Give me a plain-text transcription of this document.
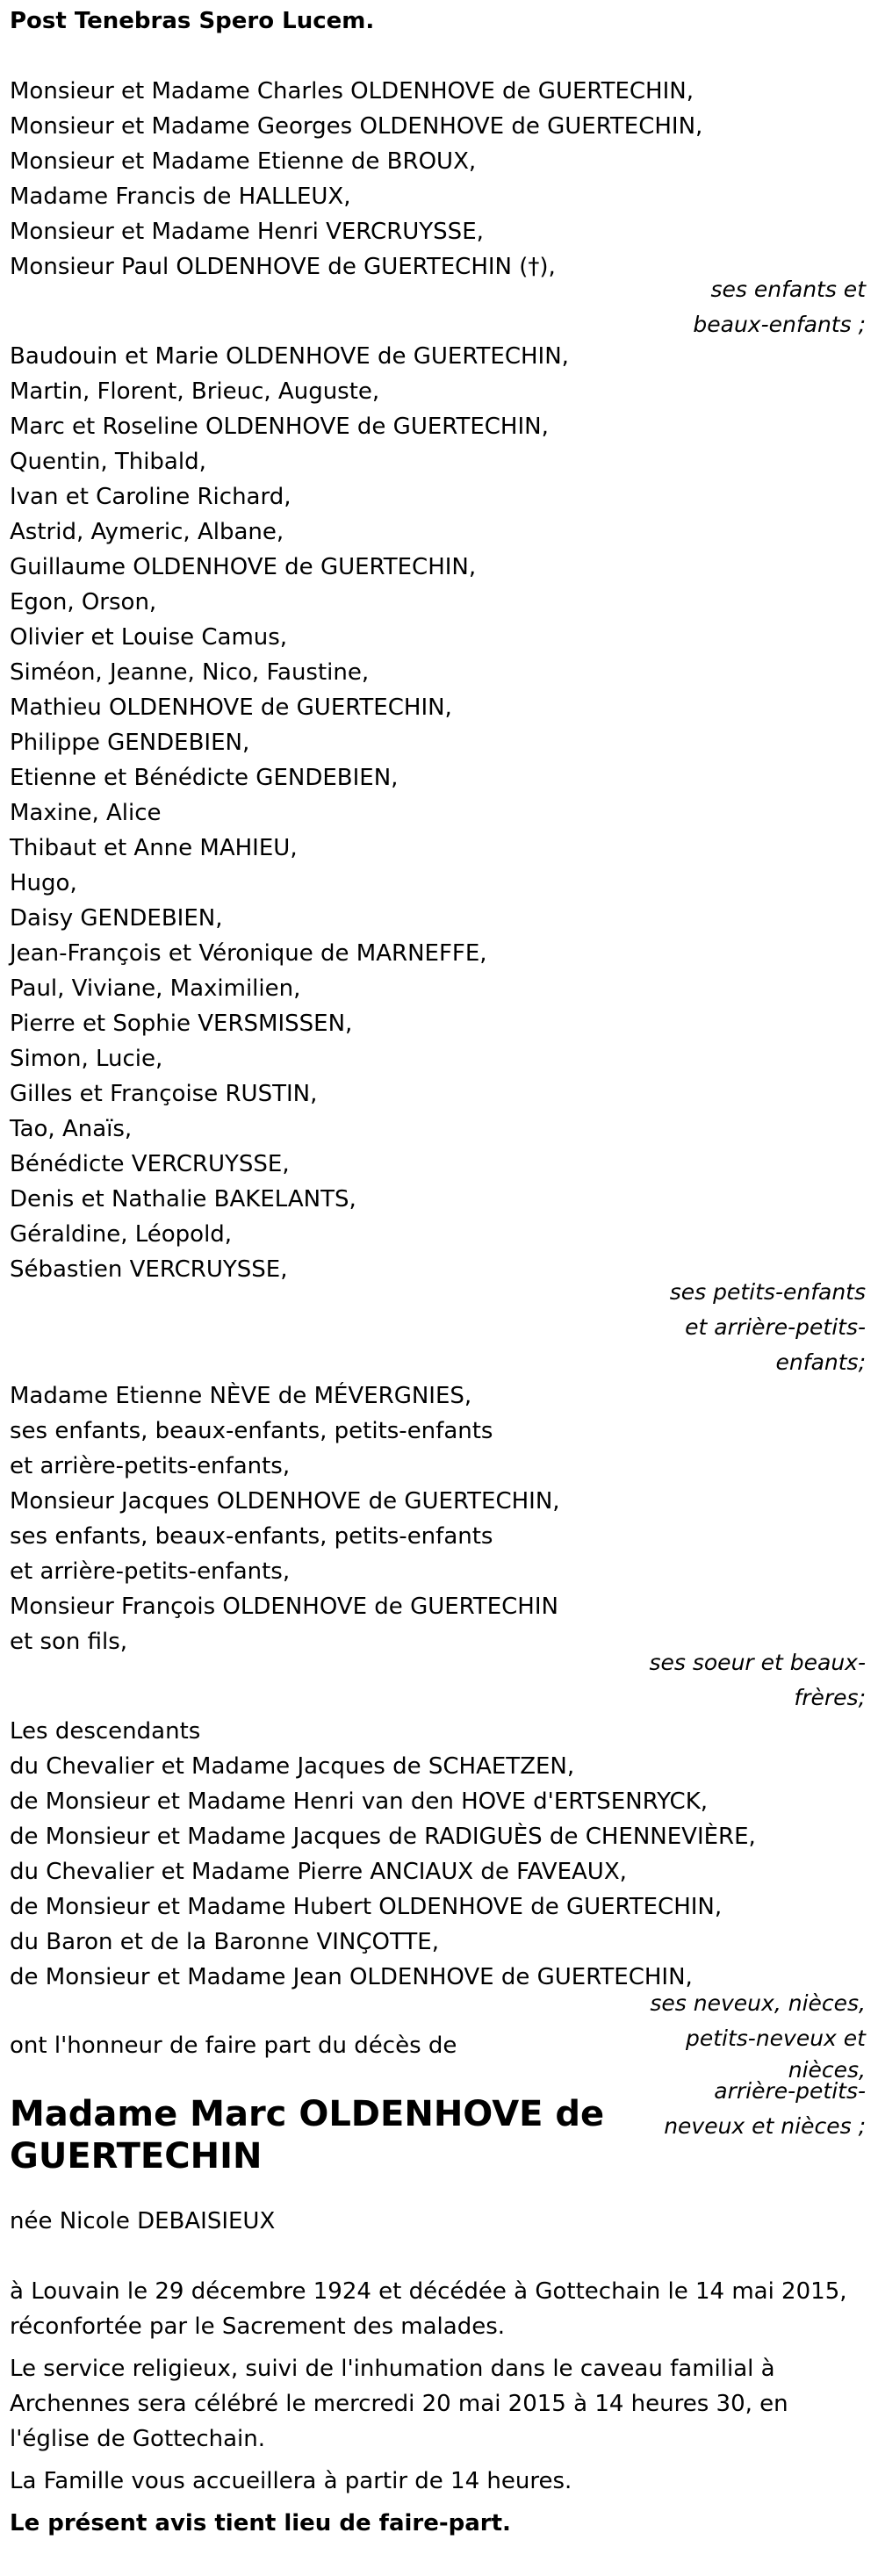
Post Tenebras Spero Lucem.
Monsieur et Madame Charles OLDENHOVE de GUERTECHIN,
Monsieur et Madame Georges OLDENHOVE de GUERTECHIN,
Monsieur et Madame Etienne de BROUX,
Madame Francis de HALLEUX,
Monsieur et Madame Henri VERCRUYSSE,
Monsieur Paul OLDENHOVE de GUERTECHIN (†),
ses enfants et
beaux-enfants ;
Baudouin et Marie OLDENHOVE de GUERTECHIN,
Martin, Florent, Brieuc, Auguste,
Marc et Roseline OLDENHOVE de GUERTECHIN,
Quentin, Thibald,
Ivan et Caroline Richard,
Astrid, Aymeric, Albane,
Guillaume OLDENHOVE de GUERTECHIN,
Egon, Orson,
Olivier et Louise Camus,
Siméon, Jeanne, Nico, Faustine,
Mathieu OLDENHOVE de GUERTECHIN,
Philippe GENDEBIEN,
Etienne et Bénédicte GENDEBIEN,
Maxine, Alice
Thibaut et Anne MAHIEU,
Hugo,
Daisy GENDEBIEN,
Jean-François et Véronique de MARNEFFE,
Paul, Viviane, Maximilien,
Pierre et Sophie VERSMISSEN,
Simon, Lucie,
Gilles et Françoise RUSTIN,
Tao, Anaïs,
Bénédicte VERCRUYSSE,
Denis et Nathalie BAKELANTS,
Géraldine, Léopold,
Sébastien VERCRUYSSE,
ses petits-enfants
et arrière-petits-
enfants;
Madame Etienne NÈVE de MÉVERGNIES,
ses enfants, beaux-enfants, petits-enfants
et arrière-petits-enfants,
Monsieur Jacques OLDENHOVE de GUERTECHIN,
ses enfants, beaux-enfants, petits-enfants
et arrière-petits-enfants,
Monsieur François OLDENHOVE de GUERTECHIN
et son fils,
ses soeur et beaux-
frères;
Les descendants
du Chevalier et Madame Jacques de SCHAETZEN,
de Monsieur et Madame Henri van den HOVE d'ERTSENRYCK,
de Monsieur et Madame Jacques de RADIGUÈS de CHENNEVIÈRE,
du Chevalier et Madame Pierre ANCIAUX de FAVEAUX,
de Monsieur et Madame Hubert OLDENHOVE de GUERTECHIN,
du Baron et de la Baronne VINÇOTTE,
de Monsieur et Madame Jean OLDENHOVE de GUERTECHIN,
ses neveux, nièces,
petits-neveux et
nièces,
arrière-petits-
neveux et nièces ;
ont l'honneur de faire part du décès de
Madame Marc OLDENHOVE de
GUERTECHIN
née Nicole DEBAISIEUX
à Louvain le 29 décembre 1924 et décédée à Gottechain le 14 mai 2015,
réconfortée par le Sacrement des malades.
Le service religieux, suivi de l'inhumation dans le caveau familial à
Archennes sera célébré le mercredi 20 mai 2015 à 14 heures 30, en
l'église de Gottechain.
La Famille vous accueillera à partir de 14 heures.
Le présent avis tient lieu de faire-part.
